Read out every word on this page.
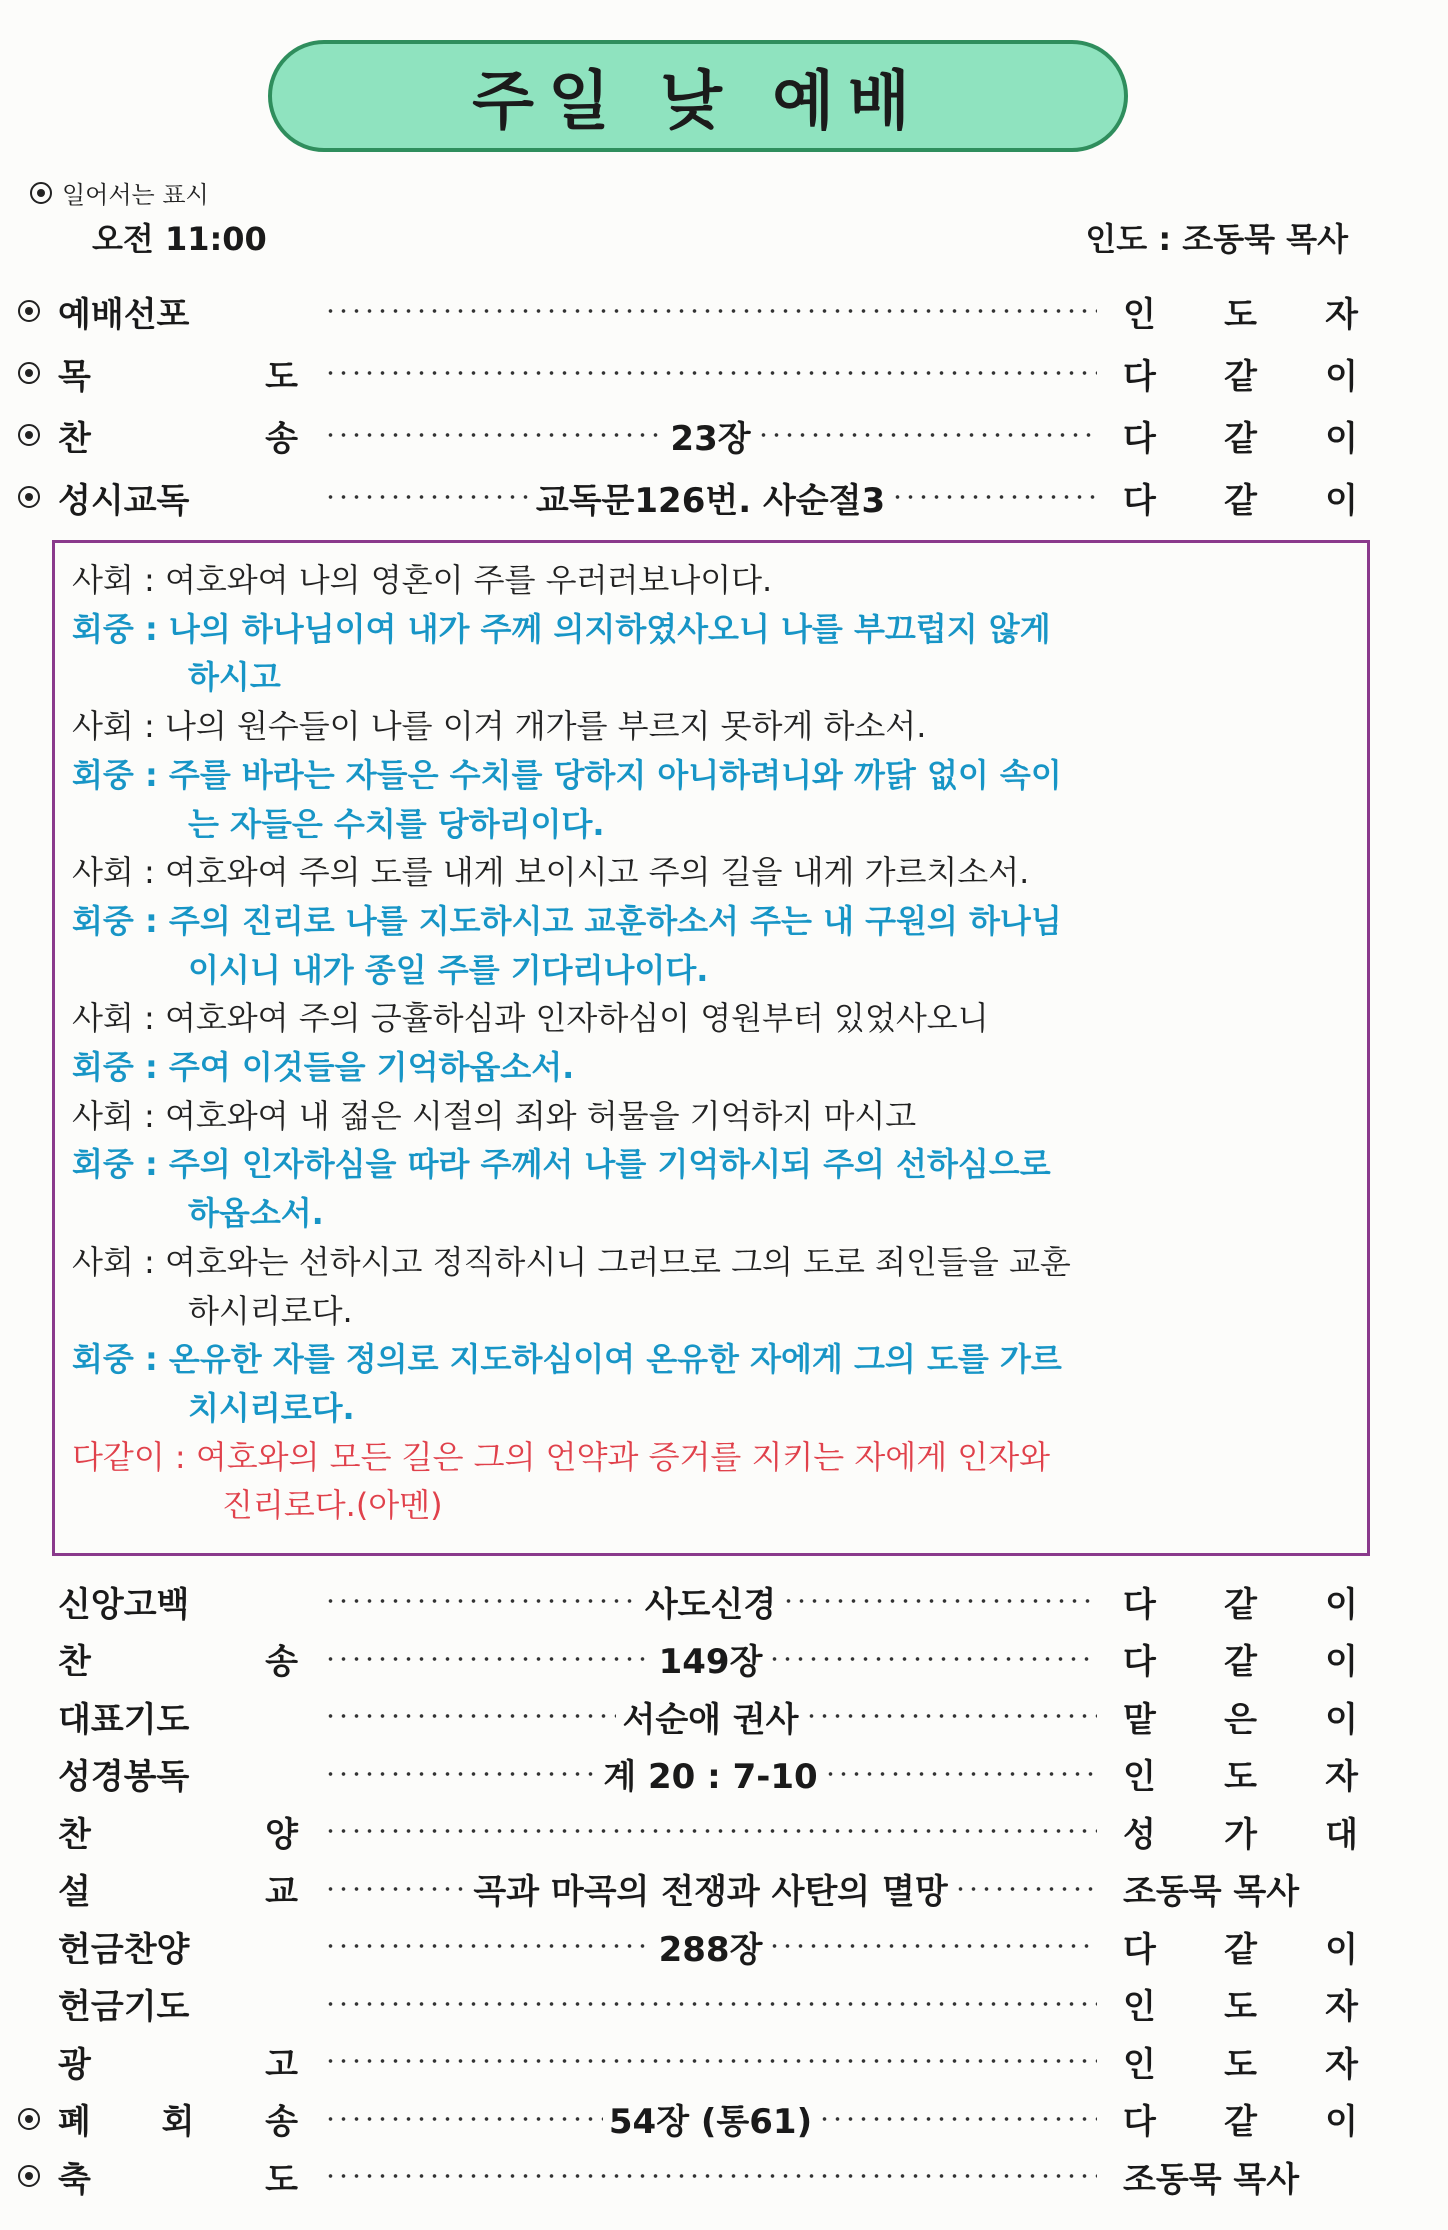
주일 낮 예배
일어서는 표시
오전 11:00	인도 : 조동묵 목사
예배선포	인 도 자
목	도	다 같 이
찬	송	23장	다 같 이
성시교독	교독문126번. 사순절3	다 같 이
사회 : 여호와여 나의 영혼이 주를 우러러보나이다.
회중 : 나의 하나님이여 내가 주께 의지하였사오니 나를 부끄럽지 않게
하시고
사회 : 나의 원수들이 나를 이겨 개가를 부르지 못하게 하소서.
회중 : 주를 바라는 자들은 수치를 당하지 아니하려니와 까닭 없이 속이
는 자들은 수치를 당하리이다.
사회 : 여호와여 주의 도를 내게 보이시고 주의 길을 내게 가르치소서.
회중 : 주의 진리로 나를 지도하시고 교훈하소서 주는 내 구원의 하나님
이시니 내가 종일 주를 기다리나이다.
사회 : 여호와여 주의 긍휼하심과 인자하심이 영원부터 있었사오니
회중 : 주여 이것들을 기억하옵소서.
사회 : 여호와여 내 젊은 시절의 죄와 허물을 기억하지 마시고
회중 : 주의 인자하심을 따라 주께서 나를 기억하시되 주의 선하심으로
하옵소서.
사회 : 여호와는 선하시고 정직하시니 그러므로 그의 도로 죄인들을 교훈
하시리로다.
회중 : 온유한 자를 정의로 지도하심이여 온유한 자에게 그의 도를 가르
치시리로다.
다같이 : 여호와의 모든 길은 그의 언약과 증거를 지키는 자에게 인자와
진리로다.(아멘)
신앙고백	사도신경	다 같 이
찬	송	149장	다 같 이
대표기도	서순애 권사	맡 은 이
성경봉독	계 20 : 7-10	인 도 자
찬	양	성 가 대
설	교	곡과 마곡의 전쟁과 사탄의 멸망	조동묵 목사
헌금찬양	288장	다 같 이
헌금기도	인 도 자
광	고	인 도 자
폐 회 송	54장 (통61)	다 같 이
축	도	조동묵 목사
